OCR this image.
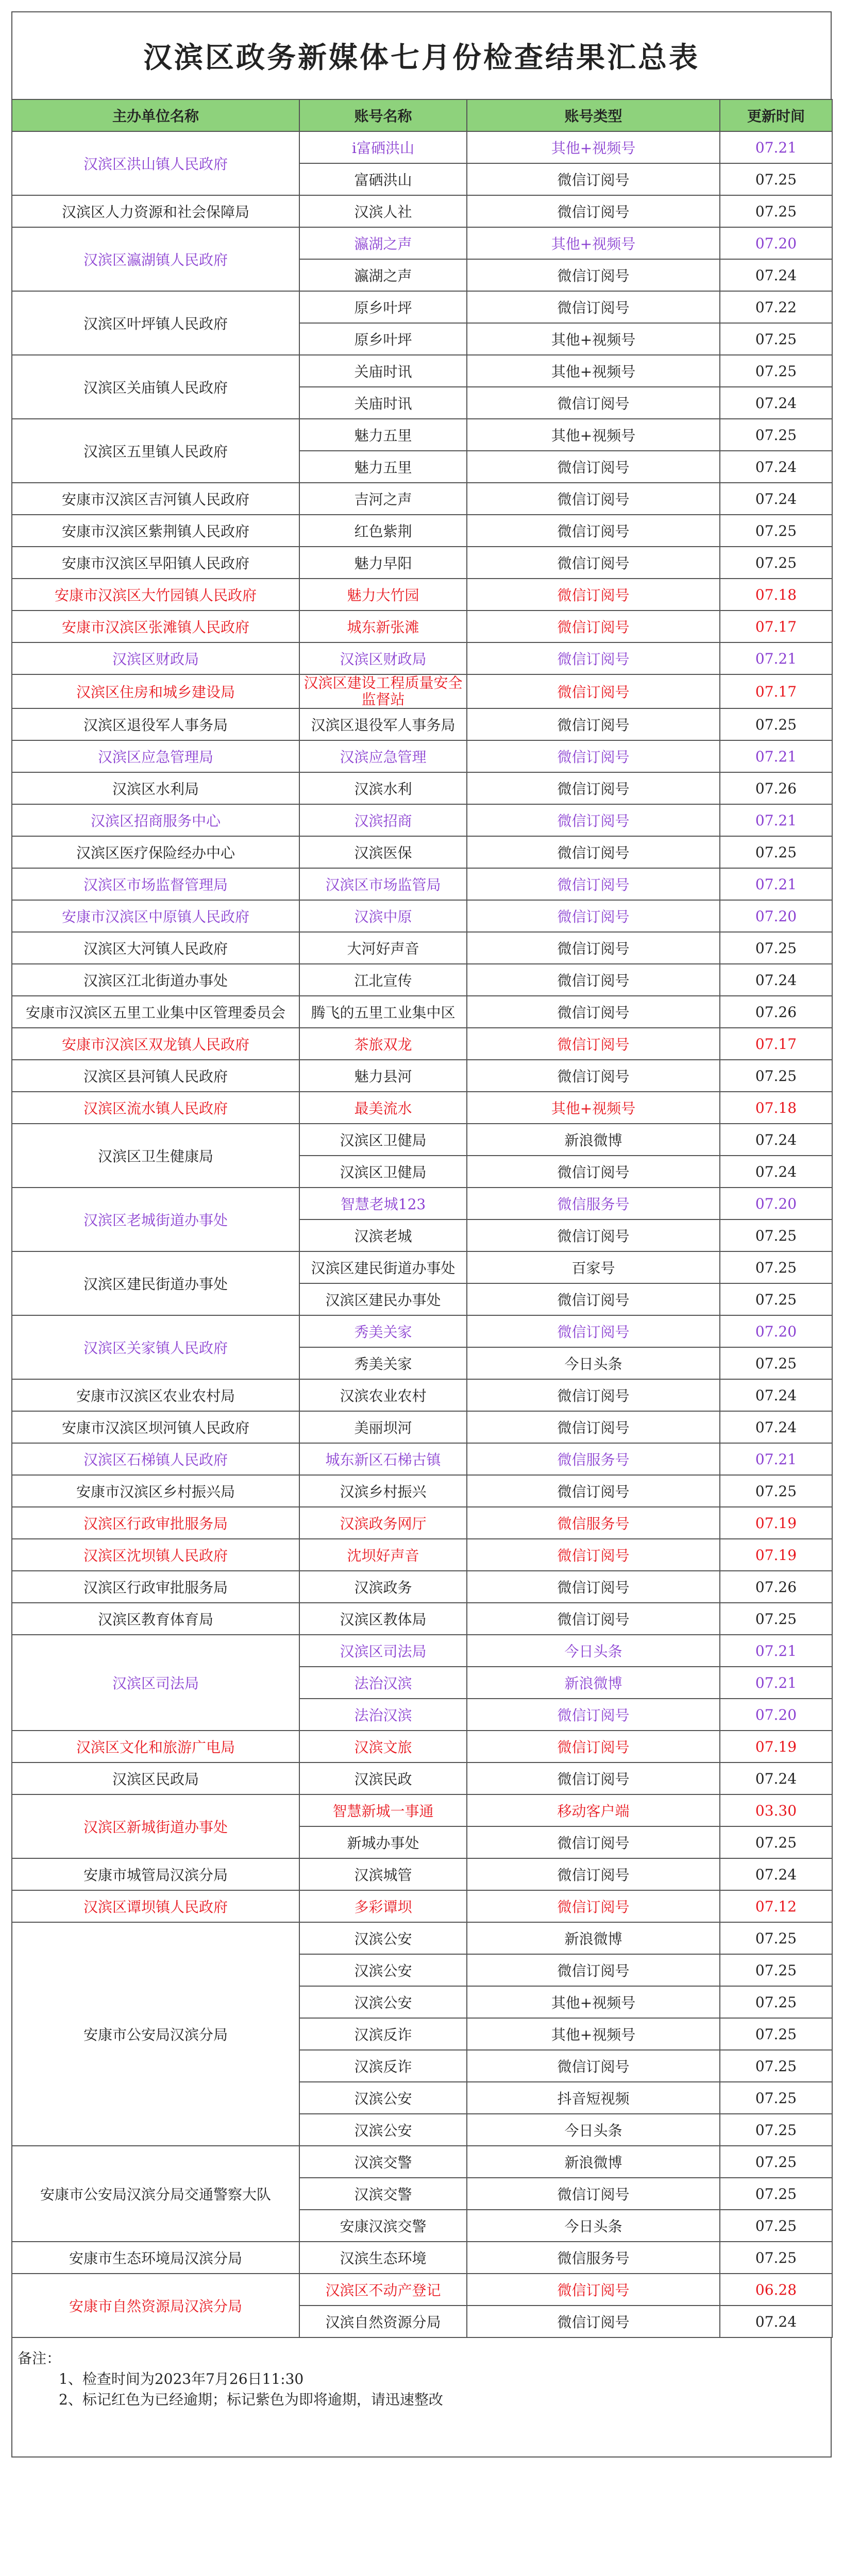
汉滨区政务新媒体七月份检查结果汇总表
主办单位名称	账号名称	账号类型	更新时间
汉滨区洪山镇人民政府	i富硒洪山	其他+视频号	07.21
	富硒洪山	微信订阅号	07.25
汉滨区人力资源和社会保障局	汉滨人社	微信订阅号	07.25
汉滨区瀛湖镇人民政府	瀛湖之声	其他+视频号	07.20
	瀛湖之声	微信订阅号	07.24
汉滨区叶坪镇人民政府	原乡叶坪	微信订阅号	07.22
	原乡叶坪	其他+视频号	07.25
汉滨区关庙镇人民政府	关庙时讯	其他+视频号	07.25
	关庙时讯	微信订阅号	07.24
汉滨区五里镇人民政府	魅力五里	其他+视频号	07.25
	魅力五里	微信订阅号	07.24
安康市汉滨区吉河镇人民政府	吉河之声	微信订阅号	07.24
安康市汉滨区紫荆镇人民政府	红色紫荆	微信订阅号	07.25
安康市汉滨区早阳镇人民政府	魅力早阳	微信订阅号	07.25
安康市汉滨区大竹园镇人民政府	魅力大竹园	微信订阅号	07.18
安康市汉滨区张滩镇人民政府	城东新张滩	微信订阅号	07.17
汉滨区财政局	汉滨区财政局	微信订阅号	07.21
汉滨区住房和城乡建设局	汉滨区建设工程质量安全监督站	微信订阅号	07.17
汉滨区退役军人事务局	汉滨区退役军人事务局	微信订阅号	07.25
汉滨区应急管理局	汉滨应急管理	微信订阅号	07.21
汉滨区水利局	汉滨水利	微信订阅号	07.26
汉滨区招商服务中心	汉滨招商	微信订阅号	07.21
汉滨区医疗保险经办中心	汉滨医保	微信订阅号	07.25
汉滨区市场监督管理局	汉滨区市场监管局	微信订阅号	07.21
安康市汉滨区中原镇人民政府	汉滨中原	微信订阅号	07.20
汉滨区大河镇人民政府	大河好声音	微信订阅号	07.25
汉滨区江北街道办事处	江北宣传	微信订阅号	07.24
安康市汉滨区五里工业集中区管理委员会	腾飞的五里工业集中区	微信订阅号	07.26
安康市汉滨区双龙镇人民政府	茶旅双龙	微信订阅号	07.17
汉滨区县河镇人民政府	魅力县河	微信订阅号	07.25
汉滨区流水镇人民政府	最美流水	其他+视频号	07.18
汉滨区卫生健康局	汉滨区卫健局	新浪微博	07.24
	汉滨区卫健局	微信订阅号	07.24
汉滨区老城街道办事处	智慧老城123	微信服务号	07.20
	汉滨老城	微信订阅号	07.25
汉滨区建民街道办事处	汉滨区建民街道办事处	百家号	07.25
	汉滨区建民办事处	微信订阅号	07.25
汉滨区关家镇人民政府	秀美关家	微信订阅号	07.20
	秀美关家	今日头条	07.25
安康市汉滨区农业农村局	汉滨农业农村	微信订阅号	07.24
安康市汉滨区坝河镇人民政府	美丽坝河	微信订阅号	07.24
汉滨区石梯镇人民政府	城东新区石梯古镇	微信服务号	07.21
安康市汉滨区乡村振兴局	汉滨乡村振兴	微信订阅号	07.25
汉滨区行政审批服务局	汉滨政务网厅	微信服务号	07.19
汉滨区沈坝镇人民政府	沈坝好声音	微信订阅号	07.19
汉滨区行政审批服务局	汉滨政务	微信订阅号	07.26
汉滨区教育体育局	汉滨区教体局	微信订阅号	07.25
汉滨区司法局	汉滨区司法局	今日头条	07.21
	法治汉滨	新浪微博	07.21
	法治汉滨	微信订阅号	07.20
汉滨区文化和旅游广电局	汉滨文旅	微信订阅号	07.19
汉滨区民政局	汉滨民政	微信订阅号	07.24
汉滨区新城街道办事处	智慧新城一事通	移动客户端	03.30
	新城办事处	微信订阅号	07.25
安康市城管局汉滨分局	汉滨城管	微信订阅号	07.24
汉滨区谭坝镇人民政府	多彩谭坝	微信订阅号	07.12
安康市公安局汉滨分局	汉滨公安	新浪微博	07.25
	汉滨公安	微信订阅号	07.25
	汉滨公安	其他+视频号	07.25
	汉滨反诈	其他+视频号	07.25
	汉滨反诈	微信订阅号	07.25
	汉滨公安	抖音短视频	07.25
	汉滨公安	今日头条	07.25
安康市公安局汉滨分局交通警察大队	汉滨交警	新浪微博	07.25
	汉滨交警	微信订阅号	07.25
	安康汉滨交警	今日头条	07.25
安康市生态环境局汉滨分局	汉滨生态环境	微信服务号	07.25
安康市自然资源局汉滨分局	汉滨区不动产登记	微信订阅号	06.28
	汉滨自然资源分局	微信订阅号	07.24
备注：
1、检查时间为2023年7月26日11:30
2、标记红色为已经逾期；标记紫色为即将逾期，请迅速整改
